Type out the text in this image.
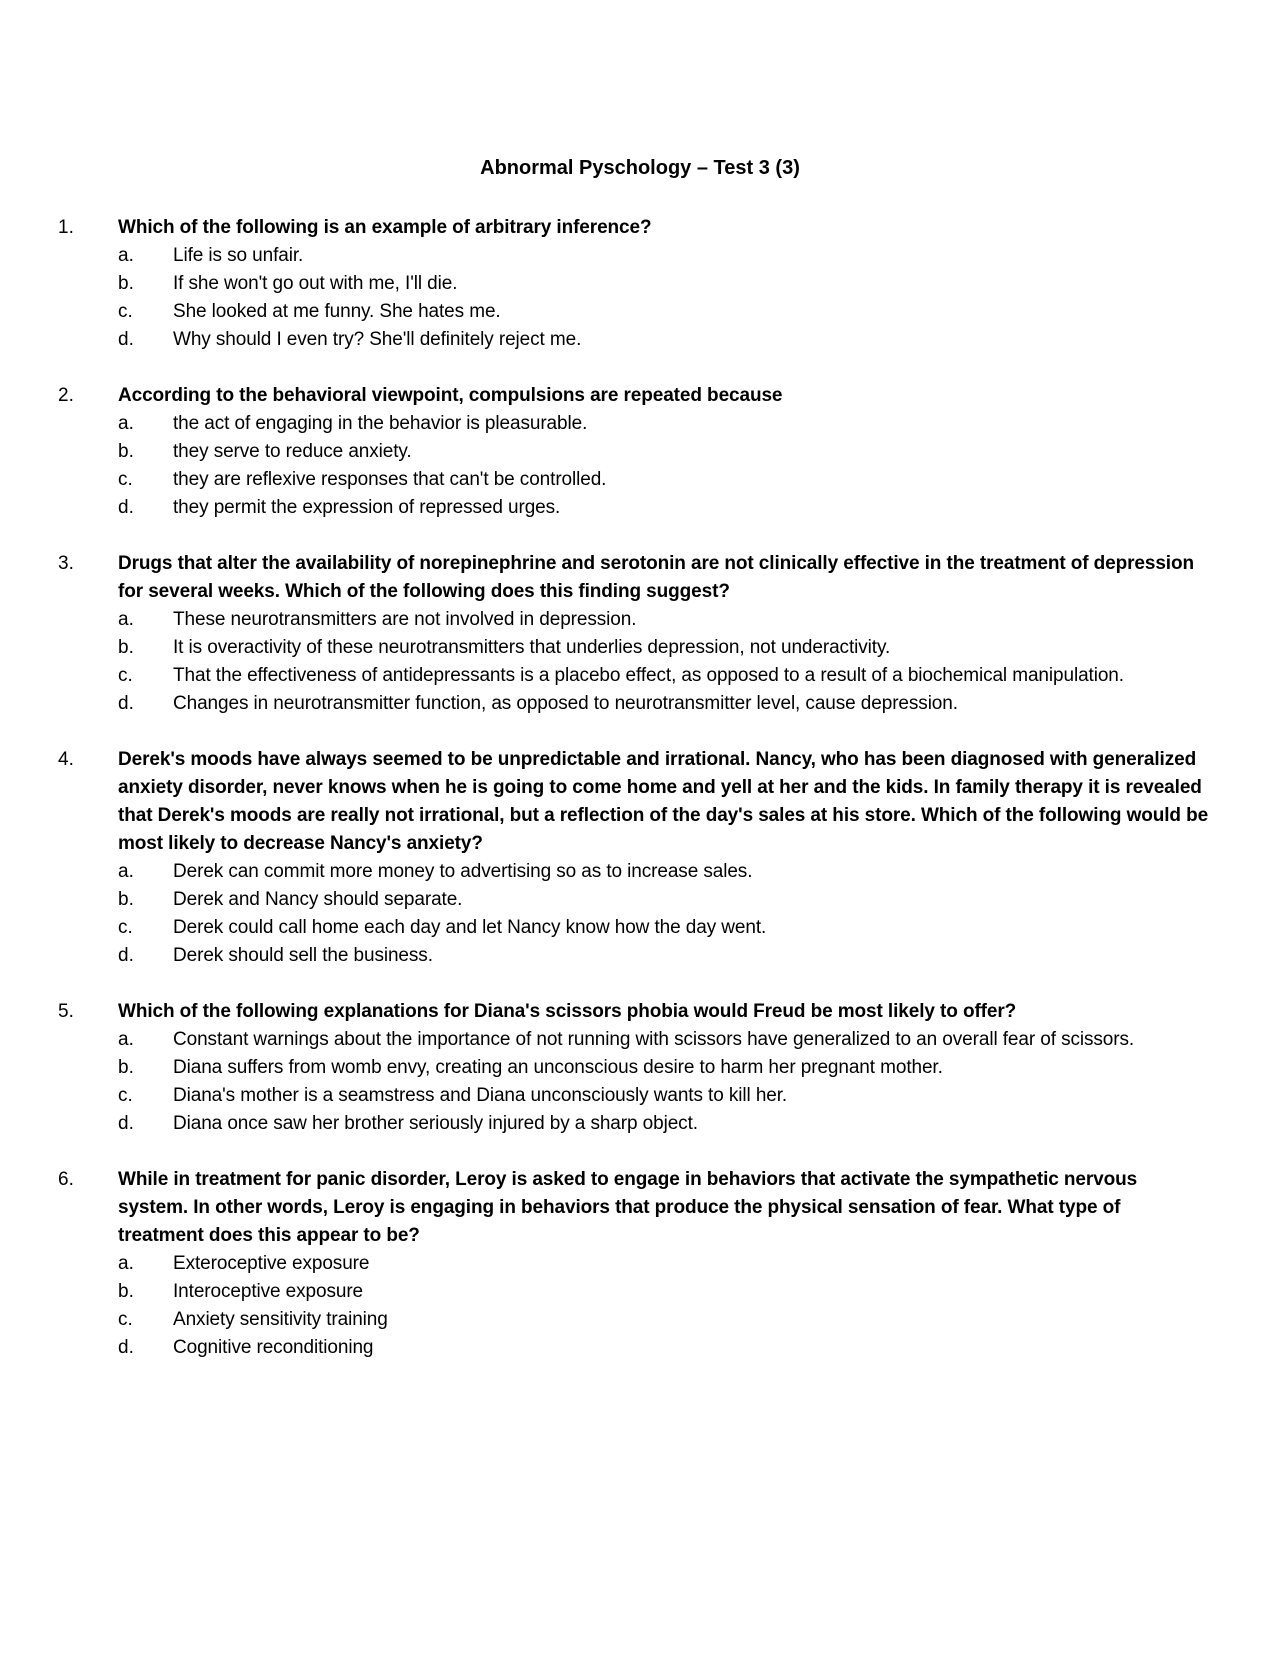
Abnormal Pyschology – Test 3 (3)
1. Which of the following is an example of arbitrary inference?
a. Life is so unfair.
b. If she won't go out with me, I'll die.
c. She looked at me funny. She hates me.
d. Why should I even try? She'll definitely reject me.
2. According to the behavioral viewpoint, compulsions are repeated because
a. the act of engaging in the behavior is pleasurable.
b. they serve to reduce anxiety.
c. they are reflexive responses that can't be controlled.
d. they permit the expression of repressed urges.
3. Drugs that alter the availability of norepinephrine and serotonin are not clinically effective in the treatment of depression for several weeks. Which of the following does this finding suggest?
a. These neurotransmitters are not involved in depression.
b. It is overactivity of these neurotransmitters that underlies depression, not underactivity.
c. That the effectiveness of antidepressants is a placebo effect, as opposed to a result of a biochemical manipulation.
d. Changes in neurotransmitter function, as opposed to neurotransmitter level, cause depression.
4. Derek's moods have always seemed to be unpredictable and irrational. Nancy, who has been diagnosed with generalized anxiety disorder, never knows when he is going to come home and yell at her and the kids. In family therapy it is revealed that Derek's moods are really not irrational, but a reflection of the day's sales at his store. Which of the following would be most likely to decrease Nancy's anxiety?
a. Derek can commit more money to advertising so as to increase sales.
b. Derek and Nancy should separate.
c. Derek could call home each day and let Nancy know how the day went.
d. Derek should sell the business.
5. Which of the following explanations for Diana's scissors phobia would Freud be most likely to offer?
a. Constant warnings about the importance of not running with scissors have generalized to an overall fear of scissors.
b. Diana suffers from womb envy, creating an unconscious desire to harm her pregnant mother.
c. Diana's mother is a seamstress and Diana unconsciously wants to kill her.
d. Diana once saw her brother seriously injured by a sharp object.
6. While in treatment for panic disorder, Leroy is asked to engage in behaviors that activate the sympathetic nervous system. In other words, Leroy is engaging in behaviors that produce the physical sensation of fear. What type of treatment does this appear to be?
a. Exteroceptive exposure
b. Interoceptive exposure
c. Anxiety sensitivity training
d. Cognitive reconditioning
